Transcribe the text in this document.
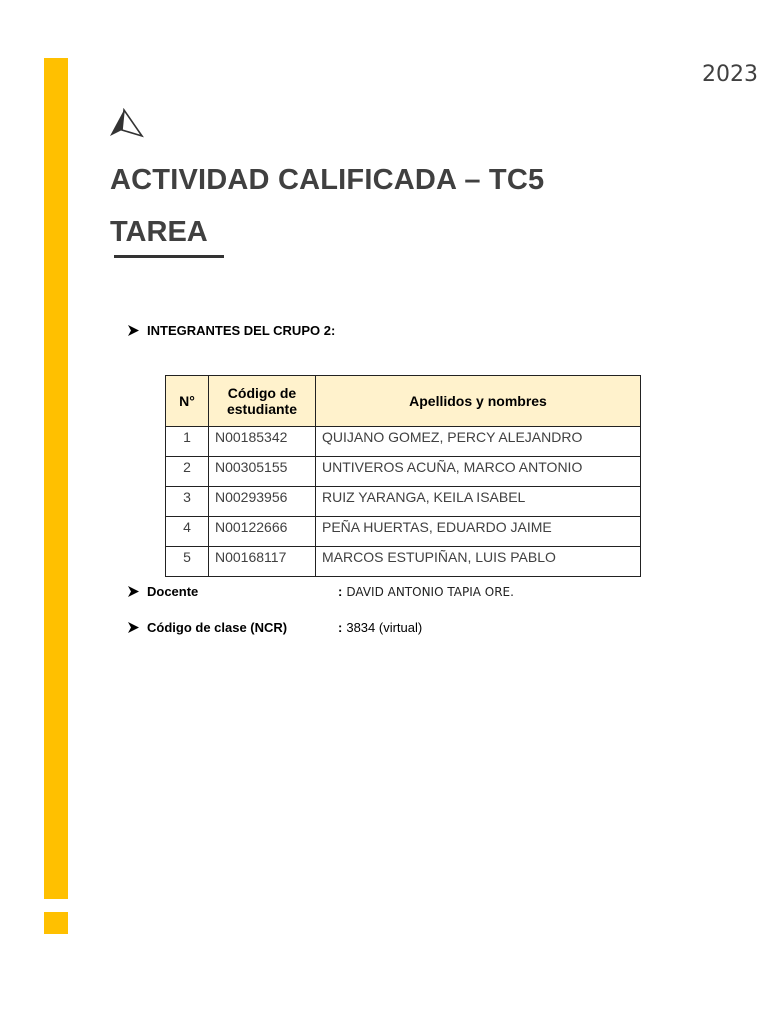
2023
ACTIVIDAD CALIFICADA – TC5
TAREA
INTEGRANTES DEL CRUPO 2:
N°	Código de estudiante	Apellidos y nombres
1	N00185342	QUIJANO GOMEZ, PERCY ALEJANDRO
2	N00305155	UNTIVEROS ACUÑA, MARCO ANTONIO
3	N00293956	RUIZ YARANGA, KEILA ISABEL
4	N00122666	PEÑA HUERTAS, EDUARDO JAIME
5	N00168117	MARCOS ESTUPIÑAN, LUIS PABLO
Docente	: DAVID ANTONIO TAPIA ORE.
Código de clase (NCR)	: 3834 (virtual)
